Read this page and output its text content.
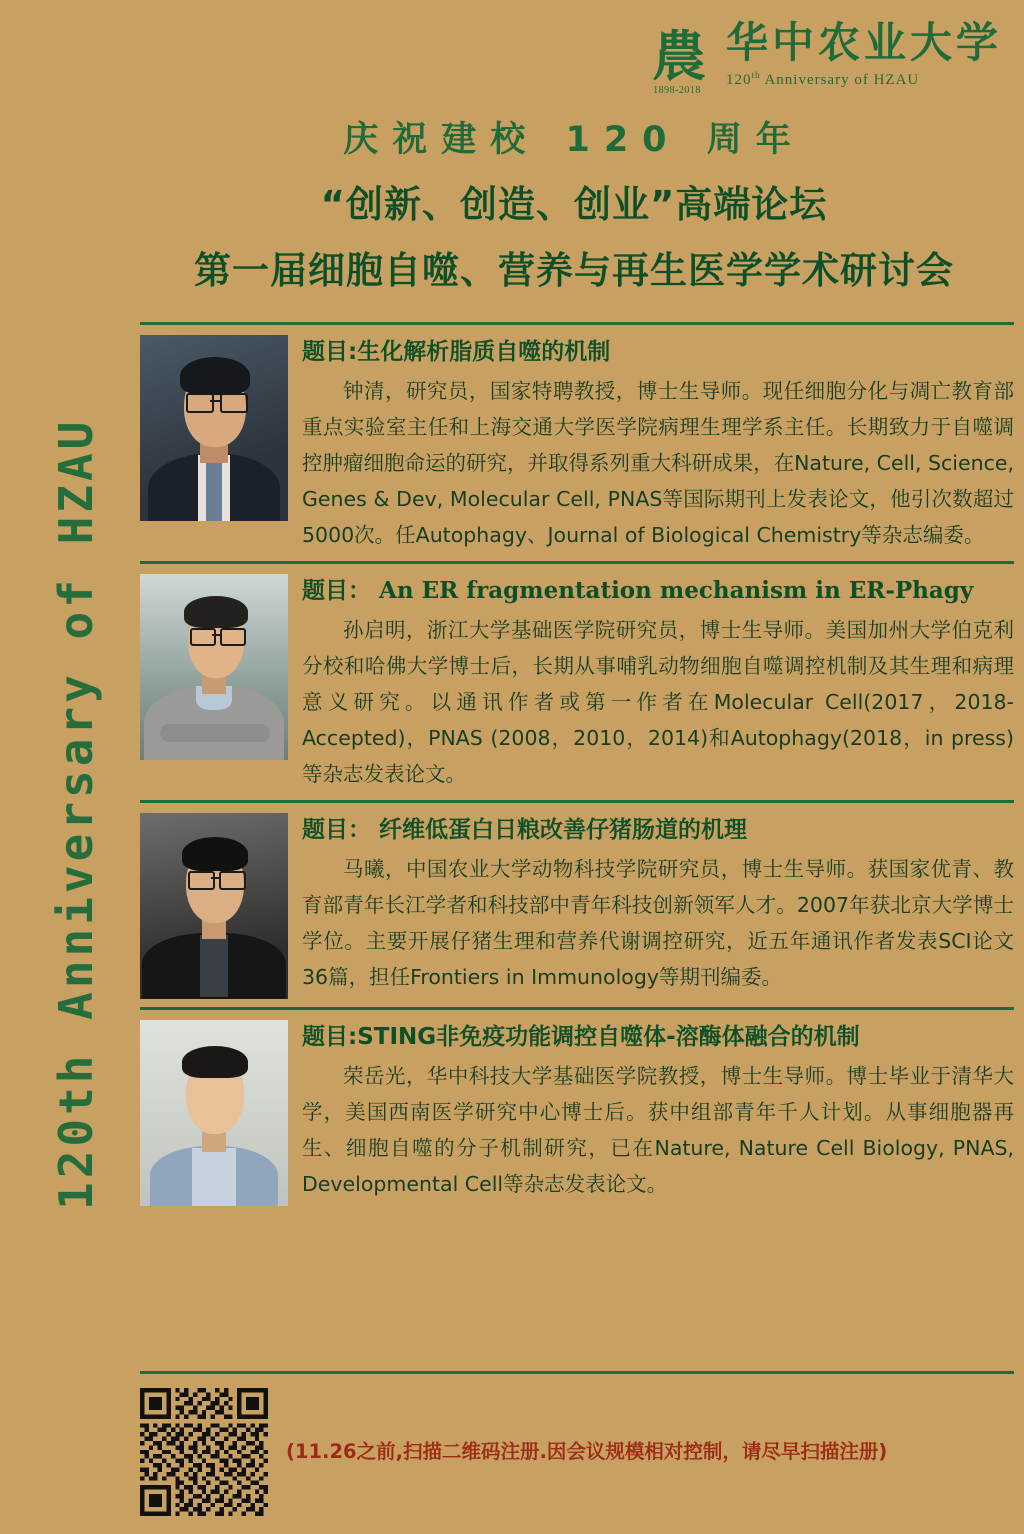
農
1898-2018
华中农业大学
120th Anniversary of HZAU
120th Anniversary of HZAU
庆祝建校 120 周年
“创新、创造、创业”高端论坛
第一届细胞自噬、营养与再生医学学术研讨会
题目:生化解析脂质自噬的机制
钟清，研究员，国家特聘教授，博士生导师。现任细胞分化与凋亡教育部重点实验室主任和上海交通大学医学院病理生理学系主任。长期致力于自噬调控肿瘤细胞命运的研究，并取得系列重大科研成果，在Nature, Cell, Science, Genes & Dev, Molecular Cell, PNAS等国际期刊上发表论文，他引次数超过5000次。任Autophagy、Journal of Biological Chemistry等杂志编委。
题目： An ER fragmentation mechanism in ER-Phagy
孙启明，浙江大学基础医学院研究员，博士生导师。美国加州大学伯克利分校和哈佛大学博士后，长期从事哺乳动物细胞自噬调控机制及其生理和病理意义研究。以通讯作者或第一作者在Molecular Cell(2017，2018-Accepted)，PNAS (2008，2010，2014)和Autophagy(2018，in press)等杂志发表论文。
题目： 纤维低蛋白日粮改善仔猪肠道的机理
马曦，中国农业大学动物科技学院研究员，博士生导师。获国家优青、教育部青年长江学者和科技部中青年科技创新领军人才。2007年获北京大学博士学位。主要开展仔猪生理和营养代谢调控研究，近五年通讯作者发表SCI论文36篇，担任Frontiers in Immunology等期刊编委。
题目:STING非免疫功能调控自噬体-溶酶体融合的机制
荣岳光，华中科技大学基础医学院教授，博士生导师。博士毕业于清华大学，美国西南医学研究中心博士后。获中组部青年千人计划。从事细胞器再生、细胞自噬的分子机制研究，已在Nature, Nature Cell Biology, PNAS, Developmental Cell等杂志发表论文。
(11.26之前,扫描二维码注册.因会议规模相对控制，请尽早扫描注册)
